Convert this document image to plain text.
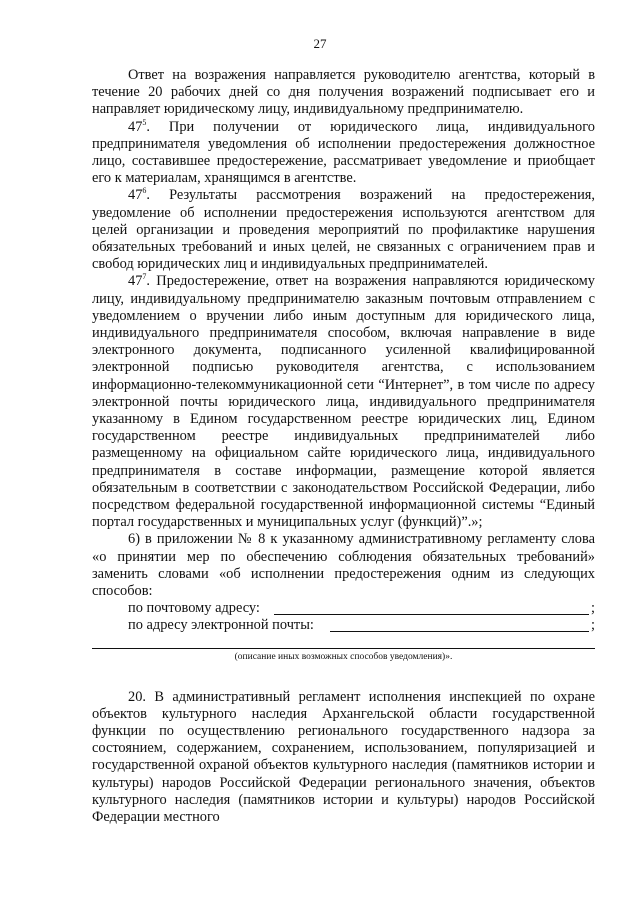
27

Ответ на возражения направляется руководителю агентства, который в течение 20 рабочих дней со дня получения возражений подписывает его и направляет юридическому лицу, индивидуальному предпринимателю.

$47^5$. При получении от юридического лица, индивидуального предпринимателя уведомления об исполнении предостережения должностное лицо, составившее предостережение, рассматривает уведомление и приобщает его к материалам, хранящимся в агентстве.

$47^6$. Результаты рассмотрения возражений на предостережения, уведомление об исполнении предостережения используются агентством для целей организации и проведения мероприятий по профилактике нарушения обязательных требований и иных целей, не связанных с ограничением прав и свобод юридических лиц и индивидуальных предпринимателей.

$47^7$. Предостережение, ответ на возражения направляются юридическому лицу, индивидуальному предпринимателю заказным почтовым отправлением с уведомлением о вручении либо иным доступным для юридического лица, индивидуального предпринимателя способом, включая направление в виде электронного документа, подписанного усиленной квалифицированной электронной подписью руководителя агентства, с использованием информационно-телекоммуникационной сети “Интернет”, в том числе по адресу электронной почты юридического лица, индивидуального предпринимателя указанному в Едином государственном реестре юридических лиц, Едином государственном реестре индивидуальных предпринимателей либо размещенному на официальном сайте юридического лица, индивидуального предпринимателя в составе информации, размещение которой является обязательным в соответствии с законодательством Российской Федерации, либо посредством федеральной государственной информационной системы “Единый портал государственных и муниципальных услуг (функций)”.»;

6) в приложении № 8 к указанному административному регламенту слова «о принятии мер по обеспечению соблюдения обязательных требований» заменить словами «об исполнении предостережения одним из следующих способов:

по почтовому адресу:	;
по адресу электронной почты:	;
(описание иных возможных способов уведомления)».

20. В административный регламент исполнения инспекцией по охране объектов культурного наследия Архангельской области государственной функции по осуществлению регионального государственного надзора за состоянием, содержанием, сохранением, использованием, популяризацией и государственной охраной объектов культурного наследия (памятников истории и культуры) народов Российской Федерации регионального значения, объектов культурного наследия (памятников истории и культуры) народов Российской Федерации местного
